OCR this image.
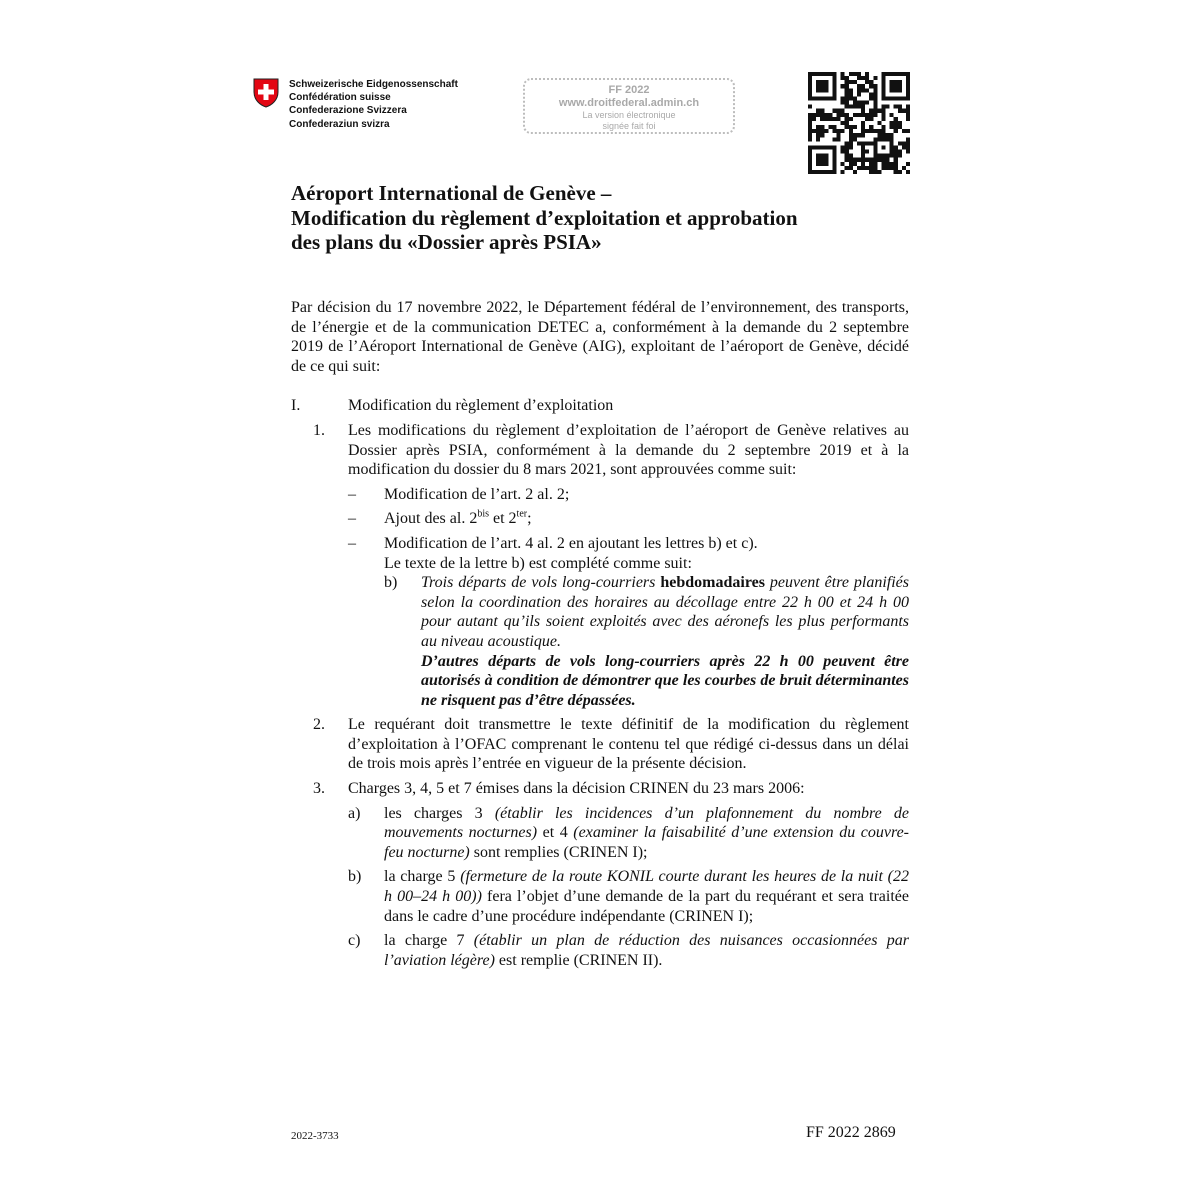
Schweizerische Eidgenossenschaft
Confédération suisse
Confederazione Svizzera
Confederaziun svizra
FF 2022
www.droitfederal.admin.ch
La version électronique
signée fait foi
Aéroport International de Genève –
Modification du règlement d’exploitation et approbation
des plans du «Dossier après PSIA»

Par décision du 17 novembre 2022, le Département fédéral de l’environnement, des transports, de l’énergie et de la communication DETEC a, conformément à la demande du 2 septembre 2019 de l’Aéroport International de Genève (AIG), exploitant de l’aéroport de Genève, décidé de ce qui suit:

I.	Modification du règlement d’exploitation
1. Les modifications du règlement d’exploitation de l’aéroport de Genève relatives au Dossier après PSIA, conformément à la demande du 2 septembre 2019 et à la modification du dossier du 8 mars 2021, sont approuvées comme suit:
– Modification de l’art. 2 al. 2;
– Ajout des al. $2^{bis}$ et $2^{ter}$;
– Modification de l’art. 4 al. 2 en ajoutant les lettres b) et c).
Le texte de la lettre b) est complété comme suit:
b) Trois départs de vols long-courriers hebdomadaires peuvent être planifiés selon la coordination des horaires au décollage entre 22 h 00 et 24 h 00 pour autant qu’ils soient exploités avec des aéronefs les plus performants au niveau acoustique.
D’autres départs de vols long-courriers après 22 h 00 peuvent être autorisés à condition de démontrer que les courbes de bruit déterminantes ne risquent pas d’être dépassées.
2. Le requérant doit transmettre le texte définitif de la modification du règlement d’exploitation à l’OFAC comprenant le contenu tel que rédigé ci-dessus dans un délai de trois mois après l’entrée en vigueur de la présente décision.
3. Charges 3, 4, 5 et 7 émises dans la décision CRINEN du 23 mars 2006:
a) les charges 3 (établir les incidences d’un plafonnement du nombre de mouvements nocturnes) et 4 (examiner la faisabilité d’une extension du couvre-feu nocturne) sont remplies (CRINEN I);
b) la charge 5 (fermeture de la route KONIL courte durant les heures de la nuit (22 h 00–24 h 00)) fera l’objet d’une demande de la part du requérant et sera traitée dans le cadre d’une procédure indépendante (CRINEN I);
c) la charge 7 (établir un plan de réduction des nuisances occasionnées par l’aviation légère) est remplie (CRINEN II).
2022-3733	FF 2022 2869
